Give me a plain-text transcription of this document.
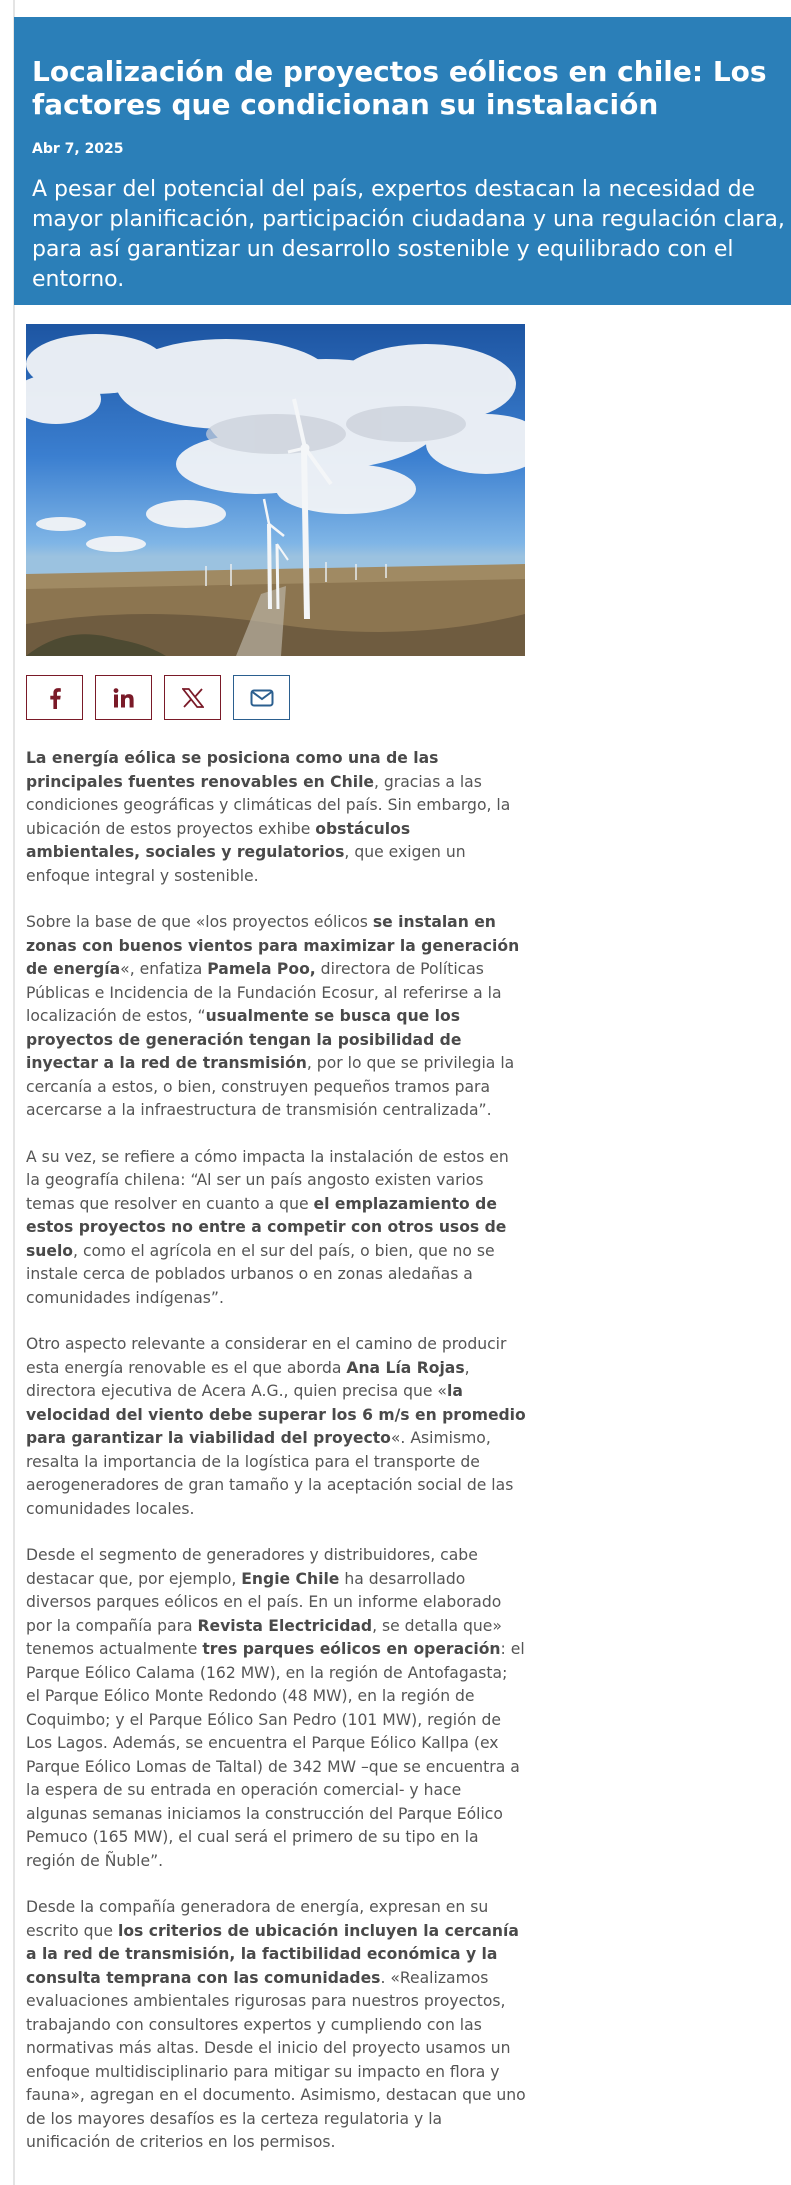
Localización de proyectos eólicos en chile: Los factores que condicionan su instalación
Abr 7, 2025
A pesar del potencial del país, expertos destacan la necesidad de mayor planificación, participación ciudadana y una regulación clara, para así garantizar un desarrollo sostenible y equilibrado con el entorno.

La energía eólica se posiciona como una de las principales fuentes renovables en Chile, gracias a las condiciones geográficas y climáticas del país. Sin embargo, la ubicación de estos proyectos exhibe obstáculos ambientales, sociales y regulatorios, que exigen un enfoque integral y sostenible.

Sobre la base de que «los proyectos eólicos se instalan en zonas con buenos vientos para maximizar la generación de energía«, enfatiza Pamela Poo, directora de Políticas Públicas e Incidencia de la Fundación Ecosur, al referirse a la localización de estos, “usualmente se busca que los proyectos de generación tengan la posibilidad de inyectar a la red de transmisión, por lo que se privilegia la cercanía a estos, o bien, construyen pequeños tramos para acercarse a la infraestructura de transmisión centralizada”.

A su vez, se refiere a cómo impacta la instalación de estos en la geografía chilena: “Al ser un país angosto existen varios temas que resolver en cuanto a que el emplazamiento de estos proyectos no entre a competir con otros usos de suelo, como el agrícola en el sur del país, o bien, que no se instale cerca de poblados urbanos o en zonas aledañas a comunidades indígenas”.

Otro aspecto relevante a considerar en el camino de producir esta energía renovable es el que aborda Ana Lía Rojas, directora ejecutiva de Acera A.G., quien precisa que «la velocidad del viento debe superar los 6 m/s en promedio para garantizar la viabilidad del proyecto«. Asimismo, resalta la importancia de la logística para el transporte de aerogeneradores de gran tamaño y la aceptación social de las comunidades locales.

Desde el segmento de generadores y distribuidores, cabe destacar que, por ejemplo, Engie Chile ha desarrollado diversos parques eólicos en el país. En un informe elaborado por la compañía para Revista Electricidad, se detalla que» tenemos actualmente tres parques eólicos en operación: el Parque Eólico Calama (162 MW), en la región de Antofagasta; el Parque Eólico Monte Redondo (48 MW), en la región de Coquimbo; y el Parque Eólico San Pedro (101 MW), región de Los Lagos. Además, se encuentra el Parque Eólico Kallpa (ex Parque Eólico Lomas de Taltal) de 342 MW –que se encuentra a la espera de su entrada en operación comercial- y hace algunas semanas iniciamos la construcción del Parque Eólico Pemuco (165 MW), el cual será el primero de su tipo en la región de Ñuble”.

Desde la compañía generadora de energía, expresan en su escrito que los criterios de ubicación incluyen la cercanía a la red de transmisión, la factibilidad económica y la consulta temprana con las comunidades. «Realizamos evaluaciones ambientales rigurosas para nuestros proyectos, trabajando con consultores expertos y cumpliendo con las normativas más altas. Desde el inicio del proyecto usamos un enfoque multidisciplinario para mitigar su impacto en flora y fauna», agregan en el documento. Asimismo, destacan que uno de los mayores desafíos es la certeza regulatoria y la unificación de criterios en los permisos.
